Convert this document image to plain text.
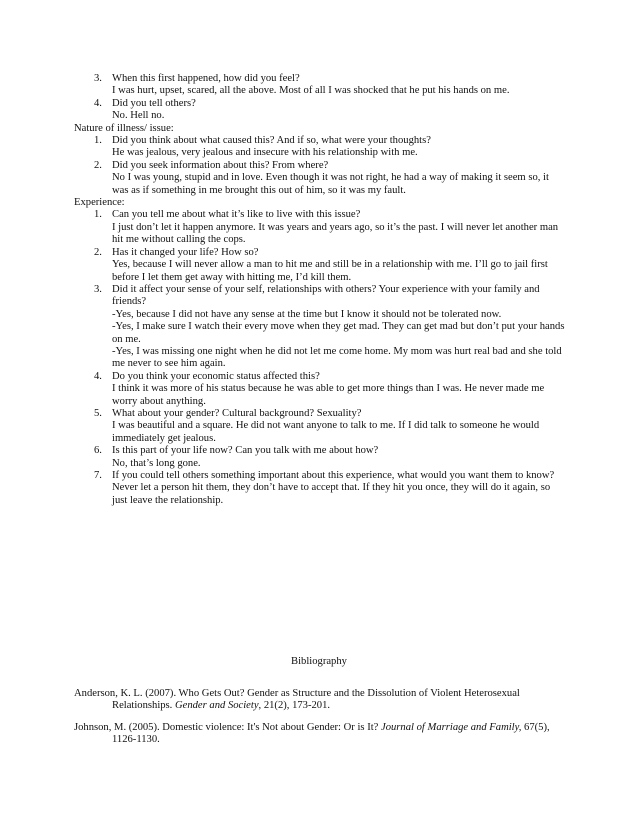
3. When this first happened, how did you feel?

I was hurt, upset, scared, all the above. Most of all I was shocked that he put his hands on me.

4. Did you tell others?

No. Hell no.

Nature of illness/ issue:

1. Did you think about what caused this? And if so, what were your thoughts?

He was jealous, very jealous and insecure with his relationship with me.

2. Did you seek information about this? From where?

No I was young, stupid and in love. Even though it was not right, he had a way of making it seem so, it was as if something in me brought this out of him, so it was my fault.

Experience:

1. Can you tell me about what it’s like to live with this issue?

I just don’t let it happen anymore. It was years and years ago, so it’s the past. I will never let another man hit me without calling the cops.

2. Has it changed your life? How so?

Yes, because I will never allow a man to hit me and still be in a relationship with me. I’ll go to jail first before I let them get away with hitting me, I’d kill them.

3. Did it affect your sense of your self, relationships with others? Your experience with your family and friends?

-Yes, because I did not have any sense at the time but I know it should not be tolerated now.

-Yes, I make sure I watch their every move when they get mad. They can get mad but don’t put your hands on me.

-Yes, I was missing one night when he did not let me come home. My mom was hurt real bad and she told me never to see him again.

4. Do you think your economic status affected this?

I think it was more of his status because he was able to get more things than I was. He never made me worry about anything.

5. What about your gender? Cultural background? Sexuality?

I was beautiful and a square. He did not want anyone to talk to me. If I did talk to someone he would immediately get jealous.

6. Is this part of your life now? Can you talk with me about how?

No, that’s long gone.

7. If you could tell others something important about this experience, what would you want them to know?

Never let a person hit them, they don’t have to accept that. If they hit you once, they will do it again, so just leave the relationship.

Bibliography

Anderson, K. L. (2007). Who Gets Out? Gender as Structure and the Dissolution of Violent Heterosexual Relationships. Gender and Society, 21(2), 173-201.

Johnson, M. (2005). Domestic violence: It's Not about Gender: Or is It? Journal of Marriage and Family, 67(5), 1126-1130.
